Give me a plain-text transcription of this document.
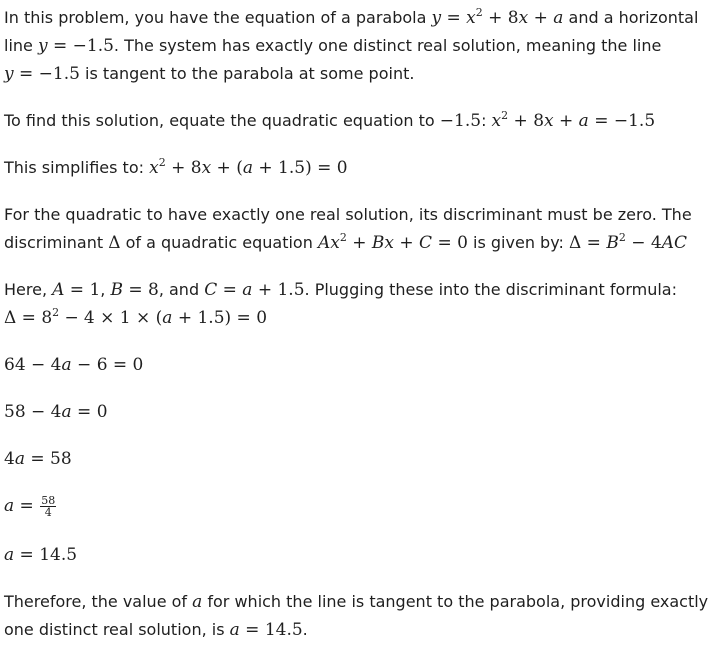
In this problem, you have the equation of a parabola $y = x^2 + 8x + a$ and a horizontal line y = −1.5. The system has exactly one distinct real solution, meaning the line y = −1.5 is tangent to the parabola at some point.

To find this solution, equate the quadratic equation to −1.5: $x^2 + 8x + a = -1.5$

This simplifies to: $x^2 + 8x + (a + 1.5) = 0$

For the quadratic to have exactly one real solution, its discriminant must be zero. The discriminant Δ of a quadratic equation $Ax^2 + Bx + C = 0$ is given by: $\Delta = B^2 - 4AC$

Here, A = 1, B = 8, and C = a + 1.5. Plugging these into the discriminant formula: $\Delta = 8^2 - 4 \times 1 \times (a + 1.5) = 0$

64 − 4a − 6 = 0

58 − 4a = 0

4a = 58

$a = \frac{58}{4}$

a = 14.5

Therefore, the value of a for which the line is tangent to the parabola, providing exactly one distinct real solution, is a = 14.5.
